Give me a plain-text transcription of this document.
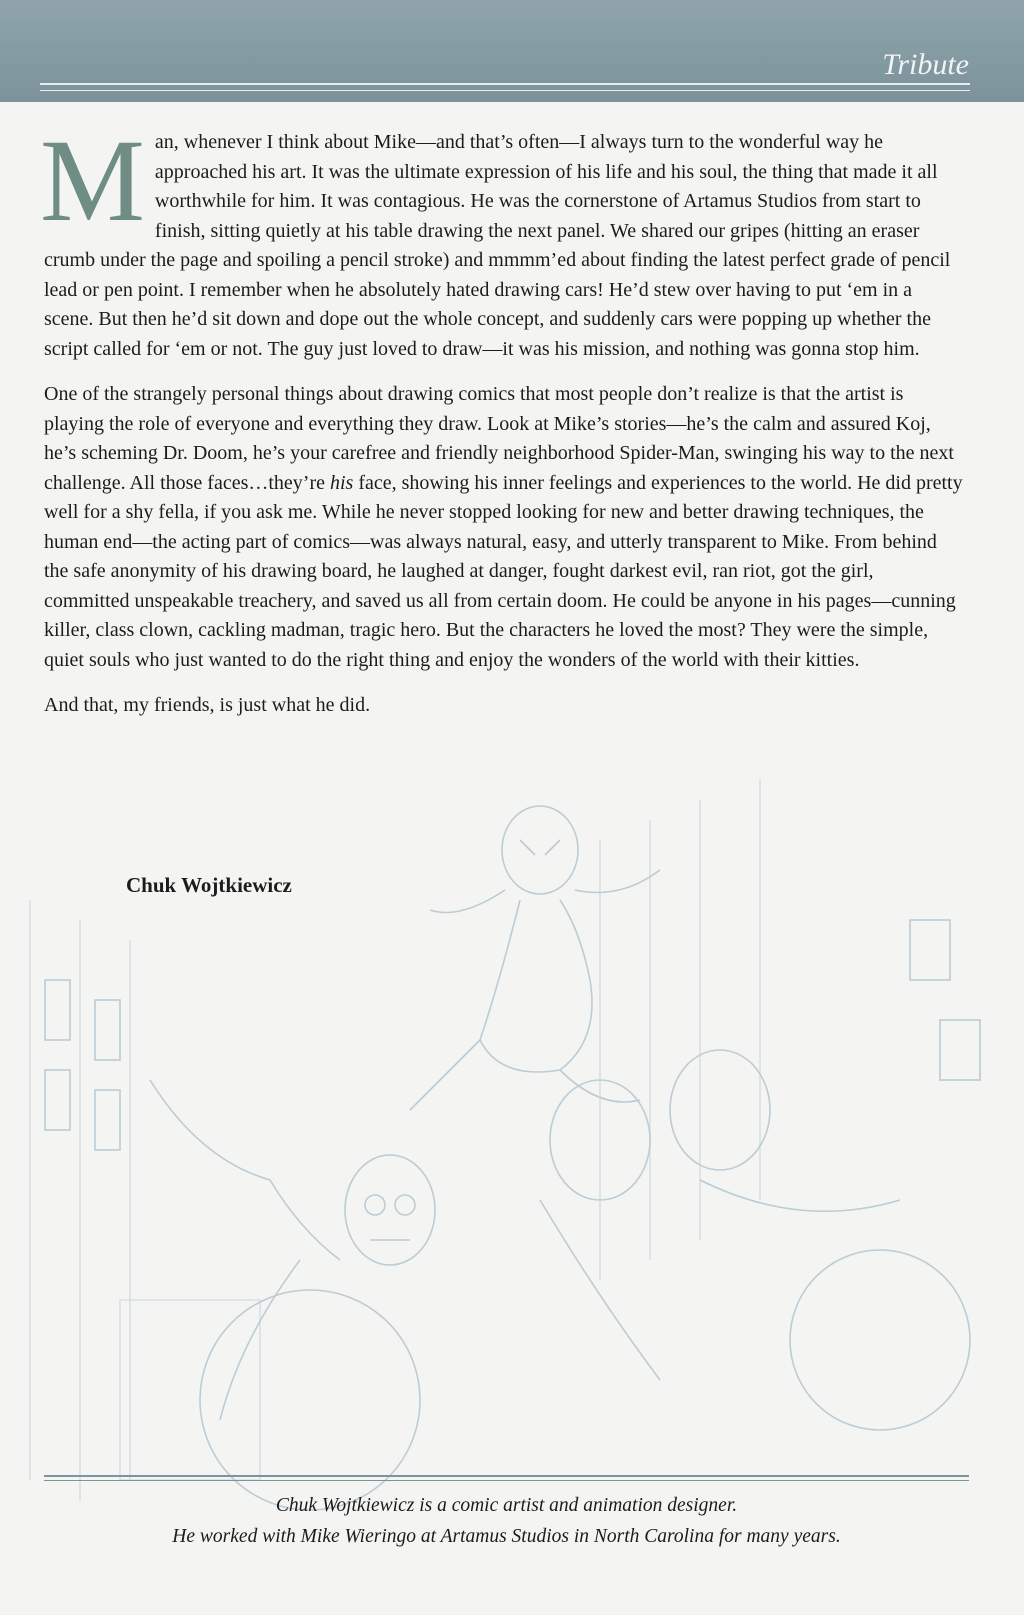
Tribute

Man, whenever I think about Mike—and that’s often—I always turn to the wonderful way he approached his art. It was the ultimate expression of his life and his soul, the thing that made it all worthwhile for him. It was contagious. He was the cornerstone of Artamus Studios from start to finish, sitting quietly at his table drawing the next panel. We shared our gripes (hitting an eraser crumb under the page and spoiling a pencil stroke) and mmmm’ed about finding the latest perfect grade of pencil lead or pen point. I remember when he absolutely hated drawing cars! He’d stew over having to put ‘em in a scene. But then he’d sit down and dope out the whole concept, and suddenly cars were popping up whether the script called for ‘em or not. The guy just loved to draw—it was his mission, and nothing was gonna stop him.

One of the strangely personal things about drawing comics that most people don’t realize is that the artist is playing the role of everyone and everything they draw. Look at Mike’s stories—he’s the calm and assured Koj, he’s scheming Dr. Doom, he’s your carefree and friendly neighborhood Spider-Man, swinging his way to the next challenge. All those faces…they’re his face, showing his inner feelings and experiences to the world. He did pretty well for a shy fella, if you ask me. While he never stopped looking for new and better drawing techniques, the human end—the acting part of comics—was always natural, easy, and utterly transparent to Mike. From behind the safe anonymity of his drawing board, he laughed at danger, fought darkest evil, ran riot, got the girl, committed unspeakable treachery, and saved us all from certain doom. He could be anyone in his pages—cunning killer, class clown, cackling madman, tragic hero. But the characters he loved the most? They were the simple, quiet souls who just wanted to do the right thing and enjoy the wonders of the world with their kitties.

And that, my friends, is just what he did.

Chuk Wojtkiewicz
Chuk Wojtkiewicz is a comic artist and animation designer.
He worked with Mike Wieringo at Artamus Studios in North Carolina for many years.
